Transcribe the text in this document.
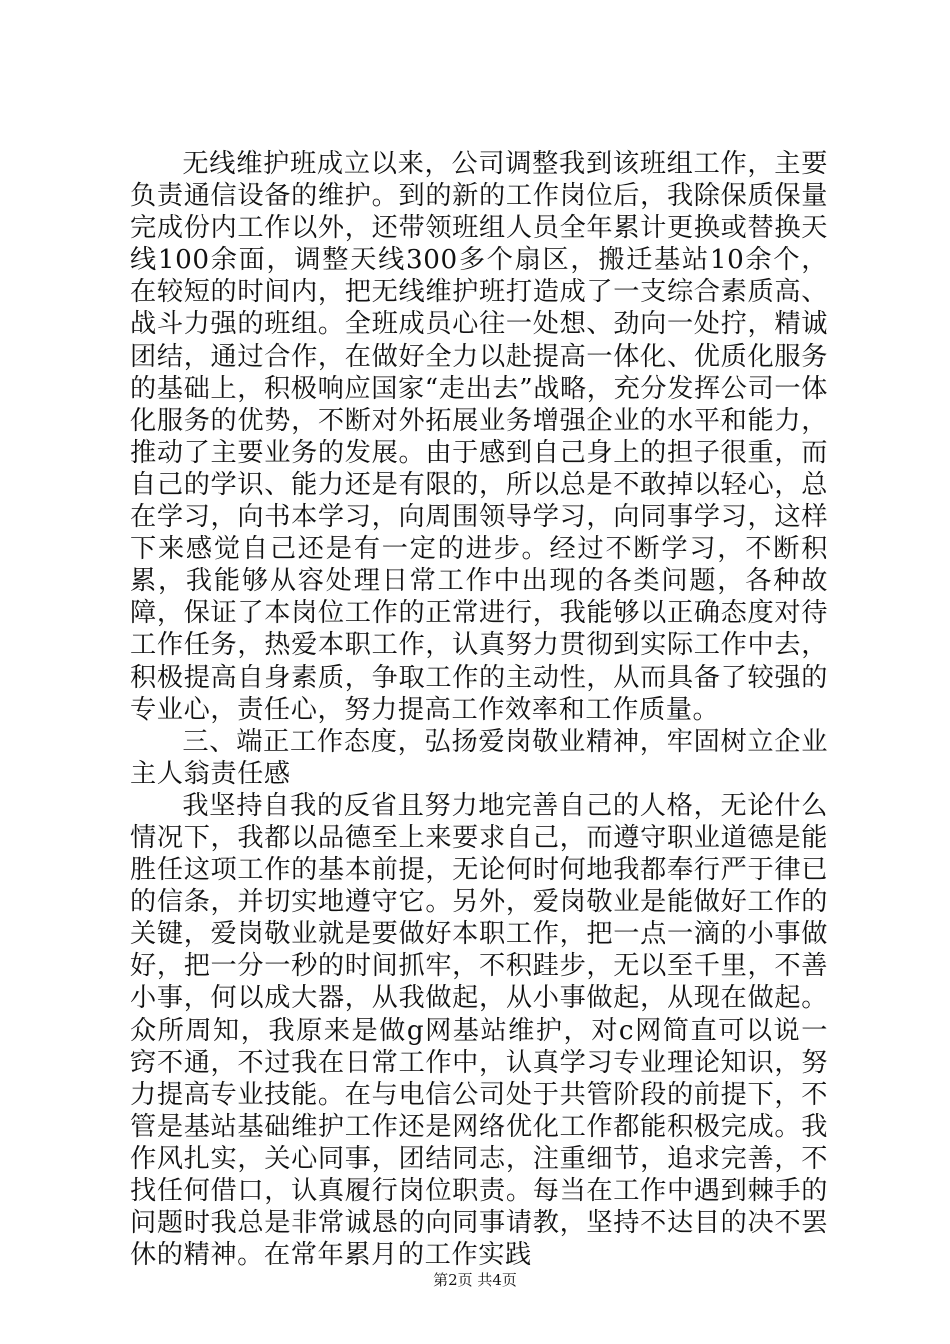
无线维护班成立以来，公司调整我到该班组工作，主要负责通信设备的维护。到的新的工作岗位后，我除保质保量完成份内工作以外，还带领班组人员全年累计更换或替换天线100余面，调整天线300多个扇区，搬迁基站10余个，在较短的时间内，把无线维护班打造成了一支综合素质高、战斗力强的班组。全班成员心往一处想、劲向一处拧，精诚团结，通过合作，在做好全力以赴提高一体化、优质化服务的基础上，积极响应国家“走出去”战略，充分发挥公司一体化服务的优势，不断对外拓展业务增强企业的水平和能力，推动了主要业务的发展。由于感到自己身上的担子很重，而自己的学识、能力还是有限的，所以总是不敢掉以轻心，总在学习，向书本学习，向周围领导学习，向同事学习，这样下来感觉自己还是有一定的进步。经过不断学习，不断积累，我能够从容处理日常工作中出现的各类问题，各种故障，保证了本岗位工作的正常进行，我能够以正确态度对待工作任务，热爱本职工作，认真努力贯彻到实际工作中去，积极提高自身素质，争取工作的主动性，从而具备了较强的专业心，责任心，努力提高工作效率和工作质量。

三、端正工作态度，弘扬爱岗敬业精神，牢固树立企业主人翁责任感

我坚持自我的反省且努力地完善自己的人格，无论什么情况下，我都以品德至上来要求自己，而遵守职业道德是能胜任这项工作的基本前提，无论何时何地我都奉行严于律已的信条，并切实地遵守它。另外，爱岗敬业是能做好工作的关键，爱岗敬业就是要做好本职工作，把一点一滴的小事做好，把一分一秒的时间抓牢，不积跬步，无以至千里，不善小事，何以成大器，从我做起，从小事做起，从现在做起。众所周知，我原来是做g网基站维护，对c网简直可以说一窍不通，不过我在日常工作中，认真学习专业理论知识，努力提高专业技能。在与电信公司处于共管阶段的前提下，不管是基站基础维护工作还是网络优化工作都能积极完成。我作风扎实，关心同事，团结同志，注重细节，追求完善，不找任何借口，认真履行岗位职责。每当在工作中遇到棘手的问题时我总是非常诚恳的向同事请教，坚持不达目的决不罢休的精神。在常年累月的工作实践

第2页 共4页
